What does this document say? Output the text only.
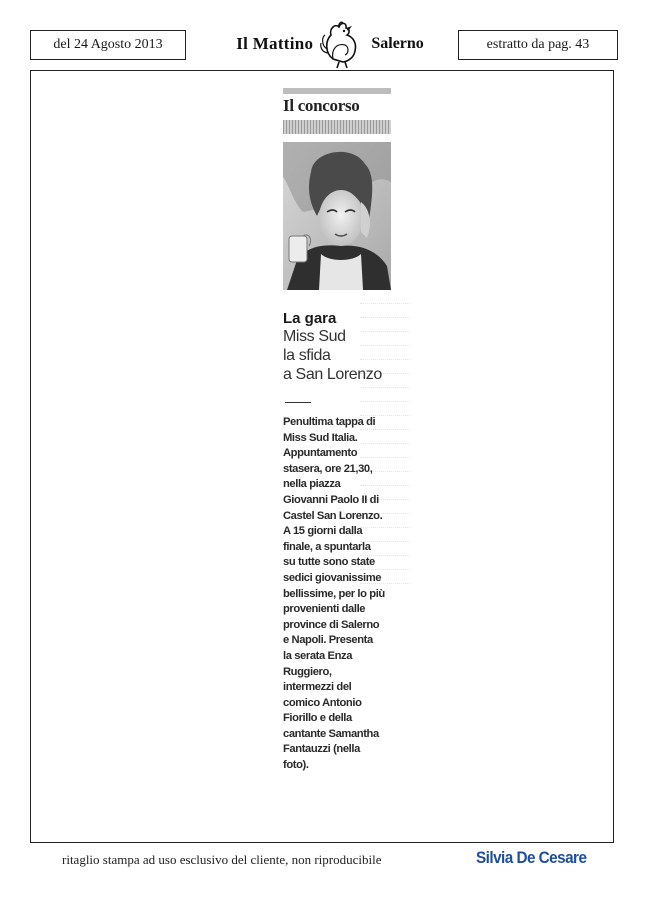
del 24 Agosto 2013	Il Mattino	Salerno	estratto da pag. 43
Il concorso
La gara
Miss Sud
la sfida
a San Lorenzo
Penultima tappa di
Miss Sud Italia.
Appuntamento
stasera, ore 21,30,
nella piazza
Giovanni Paolo II di
Castel San Lorenzo.
A 15 giorni dalla
finale, a spuntarla
su tutte sono state
sedici giovanissime
bellissime, per lo più
provenienti dalle
province di Salerno
e Napoli. Presenta
la serata Enza
Ruggiero,
intermezzi del
comico Antonio
Fiorillo e della
cantante Samantha
Fantauzzi (nella
foto).
ritaglio stampa ad uso esclusivo del cliente, non riproducibile	Silvia De Cesare
